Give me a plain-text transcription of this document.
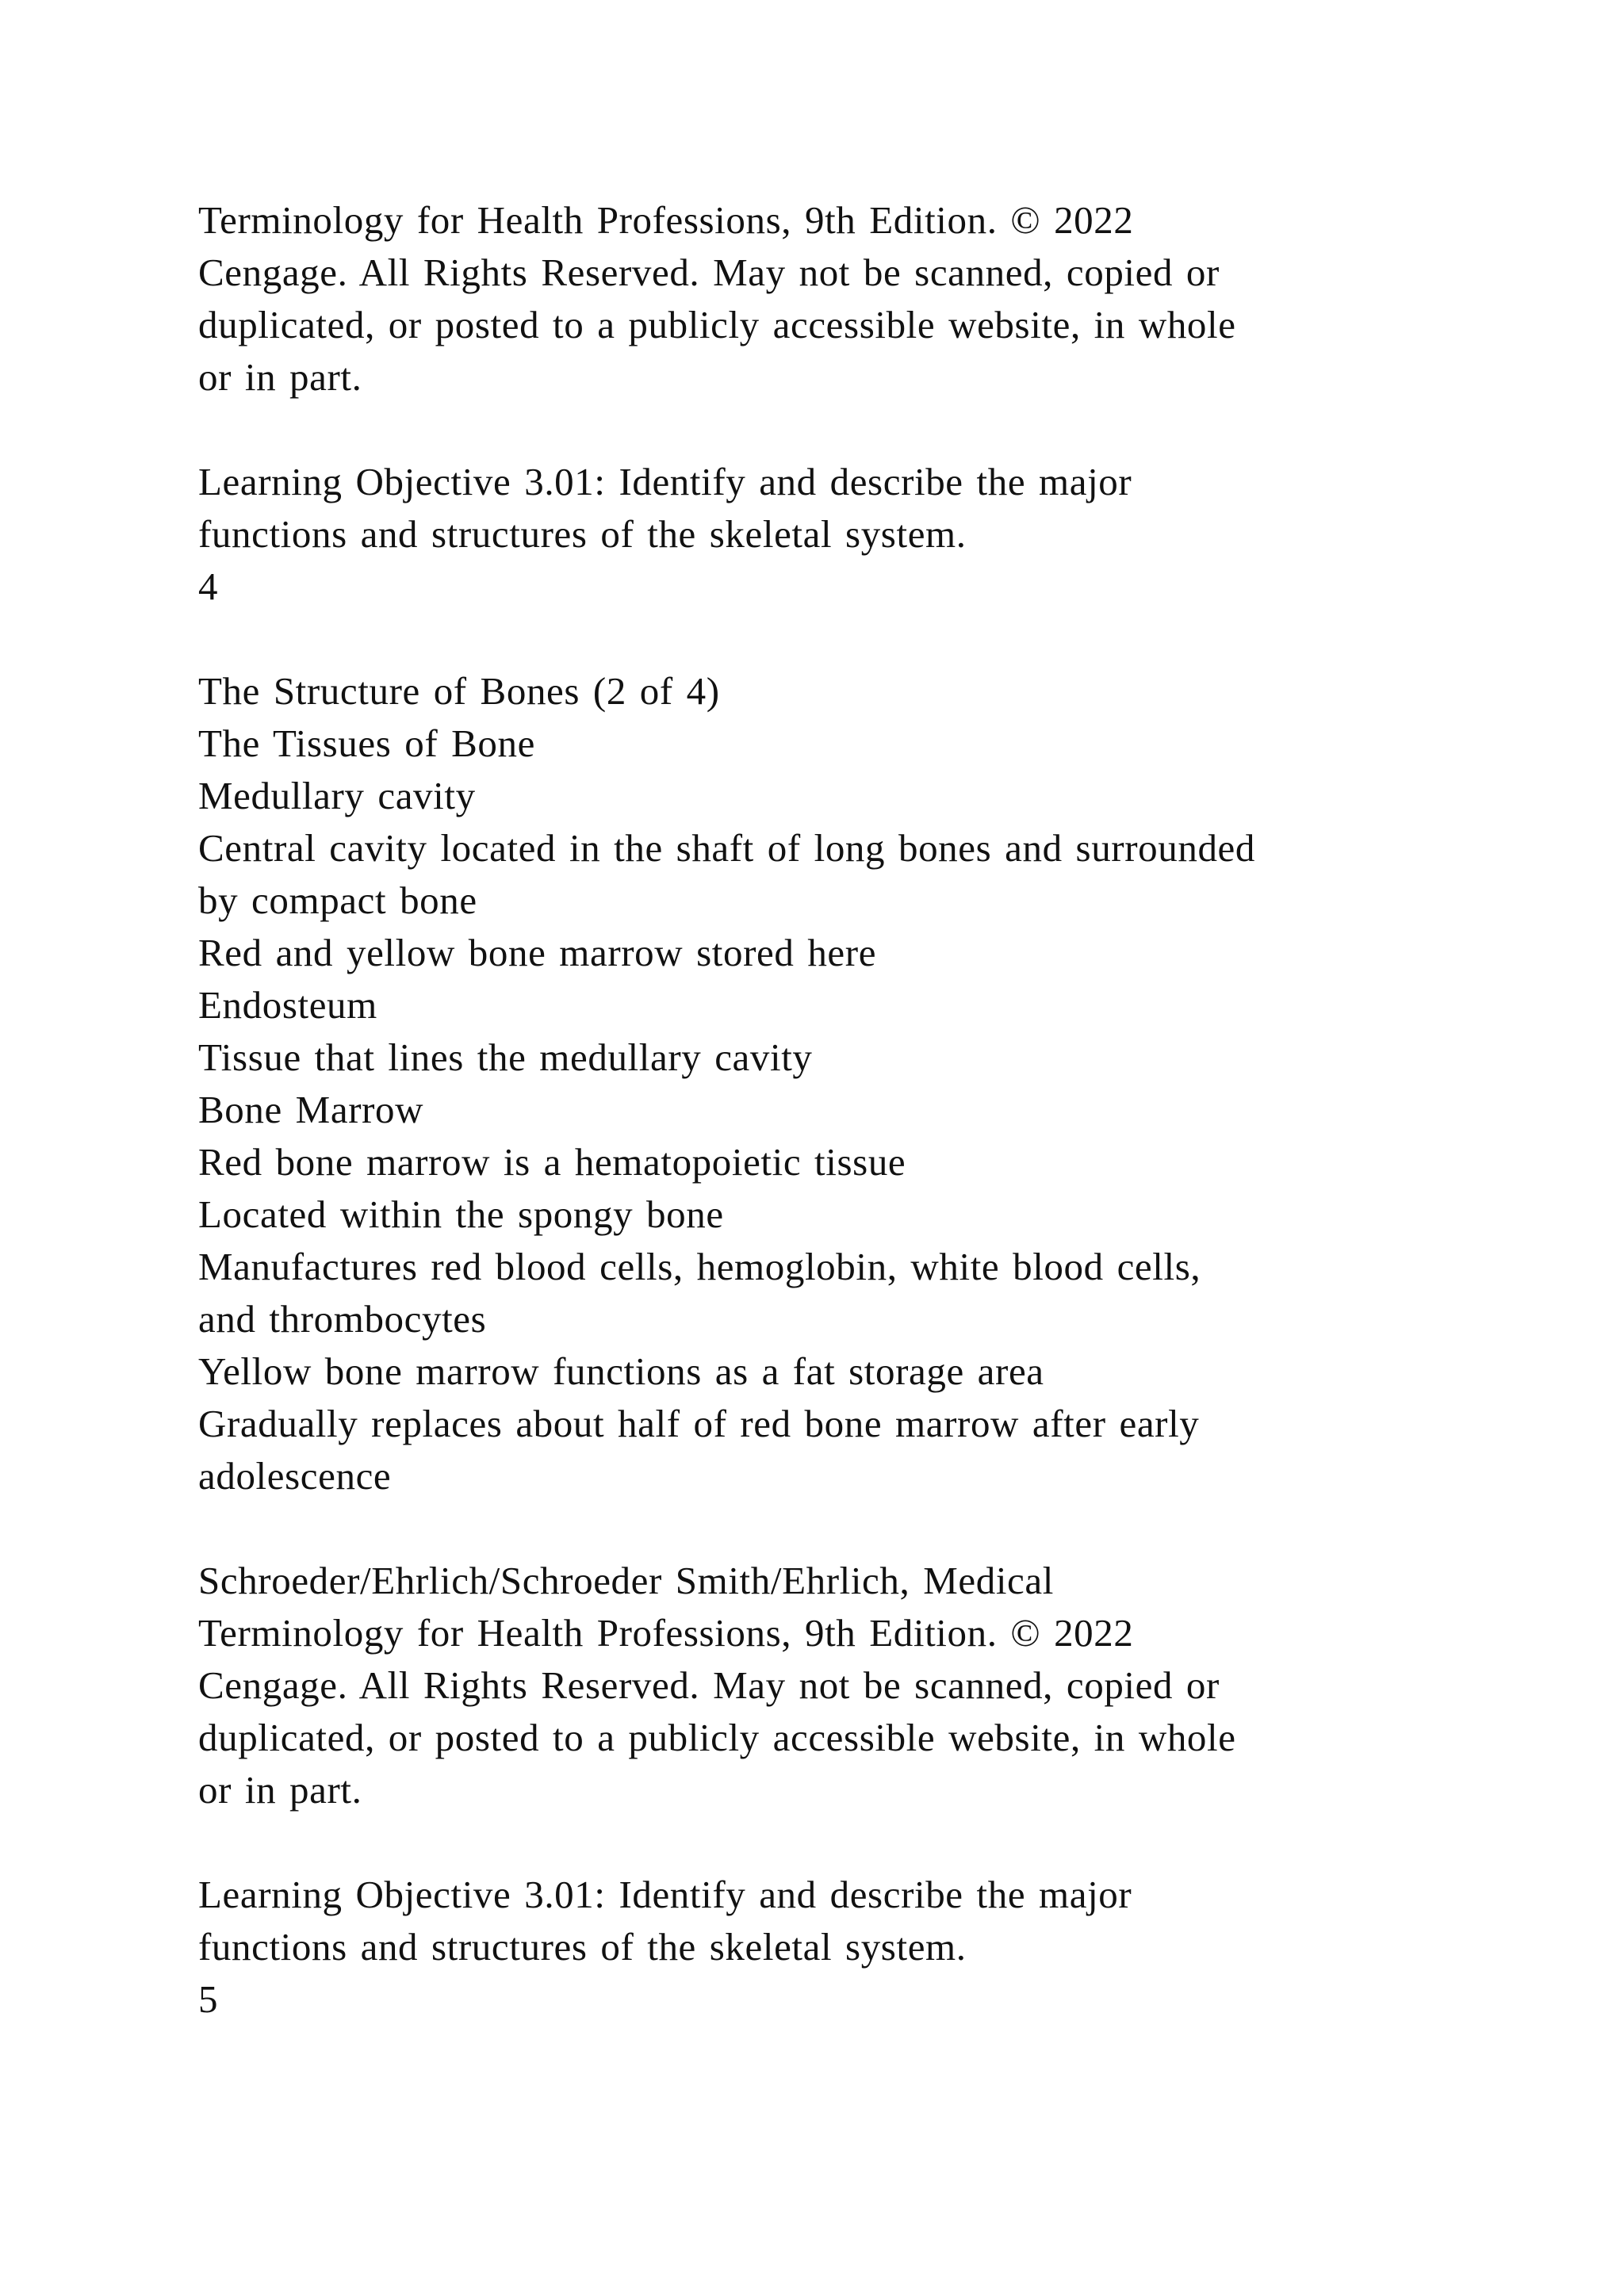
Terminology for Health Professions, 9th Edition. © 2022
Cengage. All Rights Reserved. May not be scanned, copied or
duplicated, or posted to a publicly accessible website, in whole
or in part.
Learning Objective 3.01: Identify and describe the major
functions and structures of the skeletal system.
4
The Structure of Bones (2 of 4)
The Tissues of Bone
Medullary cavity
Central cavity located in the shaft of long bones and surrounded
by compact bone
Red and yellow bone marrow stored here
Endosteum
Tissue that lines the medullary cavity
Bone Marrow
Red bone marrow is a hematopoietic tissue
Located within the spongy bone
Manufactures red blood cells, hemoglobin, white blood cells,
and thrombocytes
Yellow bone marrow functions as a fat storage area
Gradually replaces about half of red bone marrow after early
adolescence
Schroeder/Ehrlich/Schroeder Smith/Ehrlich, Medical
Terminology for Health Professions, 9th Edition. © 2022
Cengage. All Rights Reserved. May not be scanned, copied or
duplicated, or posted to a publicly accessible website, in whole
or in part.
Learning Objective 3.01: Identify and describe the major
functions and structures of the skeletal system.
5
